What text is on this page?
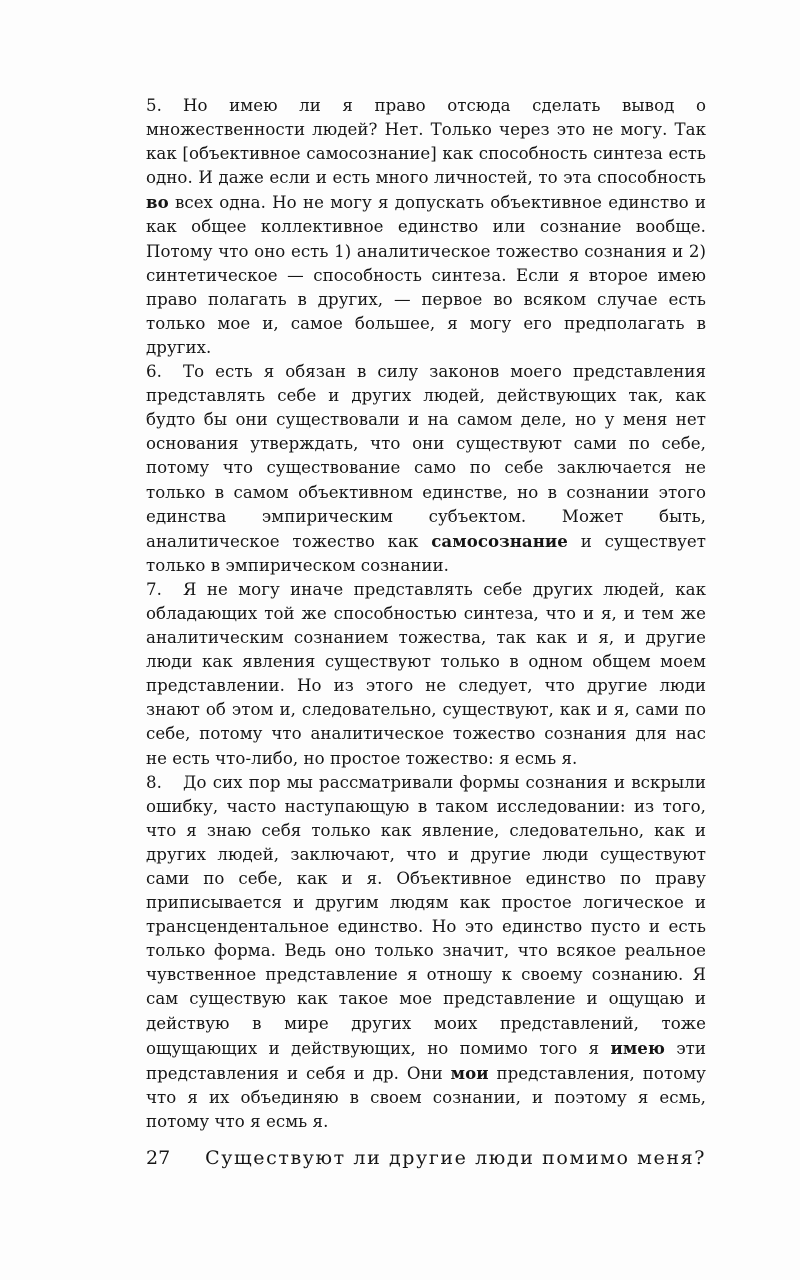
5. Но имею ли я право отсюда сделать вывод о множественности людей? Нет. Только через это не могу. Так как [объективное самосознание] как способность синтеза есть одно. И даже если и есть много личностей, то эта способность во всех одна. Но не могу я допускать объективное единство и как общее коллективное единство или сознание вообще. Потому что оно есть 1) аналитическое тожество сознания и 2) синтетическое — способность синтеза. Если я второе имею право полагать в других, — первое во всяком случае есть только мое и, самое большее, я могу его предполагать в других.

6. То есть я обязан в силу законов моего представления представлять себе и других людей, действующих так, как будто бы они существовали и на самом деле, но у меня нет основания утверждать, что они существуют сами по себе, потому что существование само по себе заключается не только в самом объективном единстве, но в сознании этого единства эмпирическим субъектом. Может быть, аналитическое тожество как самосознание и существует только в эмпирическом сознании.

7. Я не могу иначе представлять себе других людей, как обладающих той же способностью синтеза, что и я, и тем же аналитическим сознанием тожества, так как и я, и другие люди как явления существуют только в одном общем моем представлении. Но из этого не следует, что другие люди знают об этом и, следовательно, существуют, как и я, сами по себе, потому что аналитическое тожество сознания для нас не есть что-либо, но простое тожество: я есмь я.

8. До сих пор мы рассматривали формы сознания и вскрыли ошибку, часто наступающую в таком исследовании: из того, что я знаю себя только как явление, следовательно, как и других людей, заключают, что и другие люди существуют сами по себе, как и я. Объективное единство по праву приписывается и другим людям как простое логическое и трансцендентальное единство. Но это единство пусто и есть только форма. Ведь оно только значит, что всякое реальное чувственное представление я отношу к своему сознанию. Я сам существую как такое мое представление и ощущаю и действую в мире других моих представлений, тоже ощущающих и действующих, но помимо того я имею эти представления и себя и др. Они мои представления, потому что я их объединяю в своем сознании, и поэтому я есмь, потому что я есмь я.

27 Существуют ли другие люди помимо меня?
